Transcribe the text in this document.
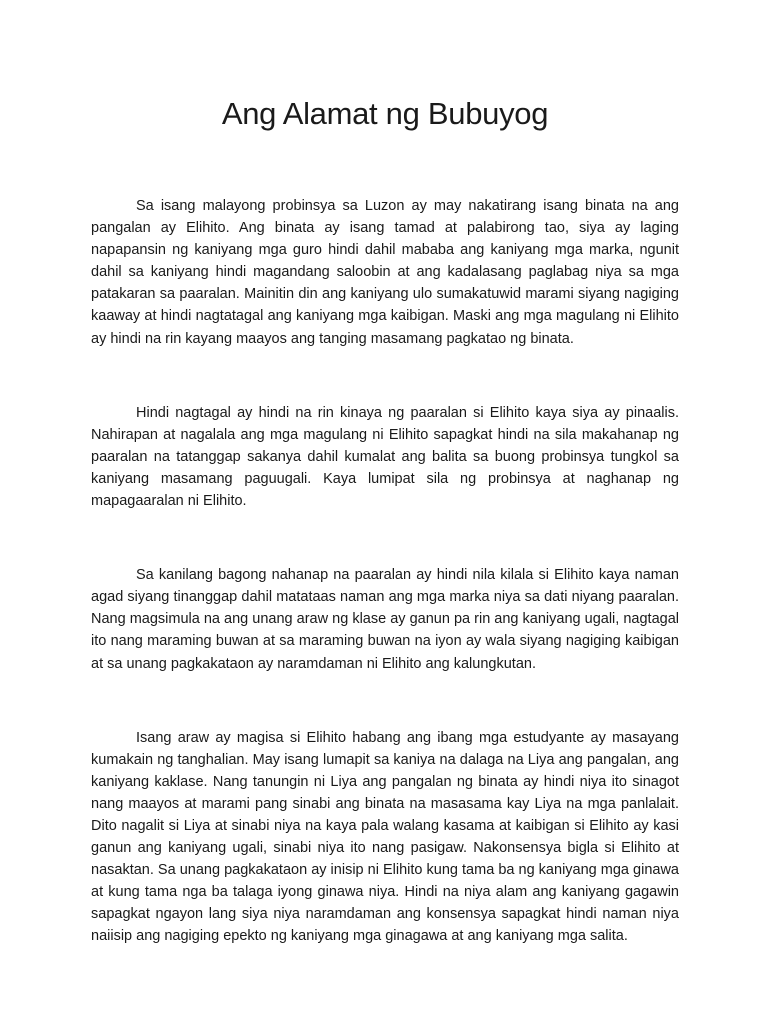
Ang Alamat ng Bubuyog

Sa isang malayong probinsya sa Luzon ay may nakatirang isang binata na ang pangalan ay Elihito. Ang binata ay isang tamad at palabirong tao, siya ay laging napapansin ng kaniyang mga guro hindi dahil mababa ang kaniyang mga marka, ngunit dahil sa kaniyang hindi magandang saloobin at ang kadalasang paglabag niya sa mga patakaran sa paaralan. Mainitin din ang kaniyang ulo sumakatuwid marami siyang nagiging kaaway at hindi nagtatagal ang kaniyang mga kaibigan. Maski ang mga magulang ni Elihito ay hindi na rin kayang maayos ang tanging masamang pagkatao ng binata.

Hindi nagtagal ay hindi na rin kinaya ng paaralan si Elihito kaya siya ay pinaalis. Nahirapan at nagalala ang mga magulang ni Elihito sapagkat hindi na sila makahanap ng paaralan na tatanggap sakanya dahil kumalat ang balita sa buong probinsya tungkol sa kaniyang masamang paguugali. Kaya lumipat sila ng probinsya at naghanap ng mapagaaralan ni Elihito.

Sa kanilang bagong nahanap na paaralan ay hindi nila kilala si Elihito kaya naman agad siyang tinanggap dahil matataas naman ang mga marka niya sa dati niyang paaralan. Nang magsimula na ang unang araw ng klase ay ganun pa rin ang kaniyang ugali, nagtagal ito nang maraming buwan at sa maraming buwan na iyon ay wala siyang nagiging kaibigan at sa unang pagkakataon ay naramdaman ni Elihito ang kalungkutan.

Isang araw ay magisa si Elihito habang ang ibang mga estudyante ay masayang kumakain ng tanghalian. May isang lumapit sa kaniya na dalaga na Liya ang pangalan, ang kaniyang kaklase. Nang tanungin ni Liya ang pangalan ng binata ay hindi niya ito sinagot nang maayos at marami pang sinabi ang binata na masasama kay Liya na mga panlalait. Dito nagalit si Liya at sinabi niya na kaya pala walang kasama at kaibigan si Elihito ay kasi ganun ang kaniyang ugali, sinabi niya ito nang pasigaw. Nakonsensya bigla si Elihito at nasaktan. Sa unang pagkakataon ay inisip ni Elihito kung tama ba ng kaniyang mga ginawa at kung tama nga ba talaga iyong ginawa niya. Hindi na niya alam ang kaniyang gagawin sapagkat ngayon lang siya niya naramdaman ang konsensya sapagkat hindi naman niya naiisip ang nagiging epekto ng kaniyang mga ginagawa at ang kaniyang mga salita.
